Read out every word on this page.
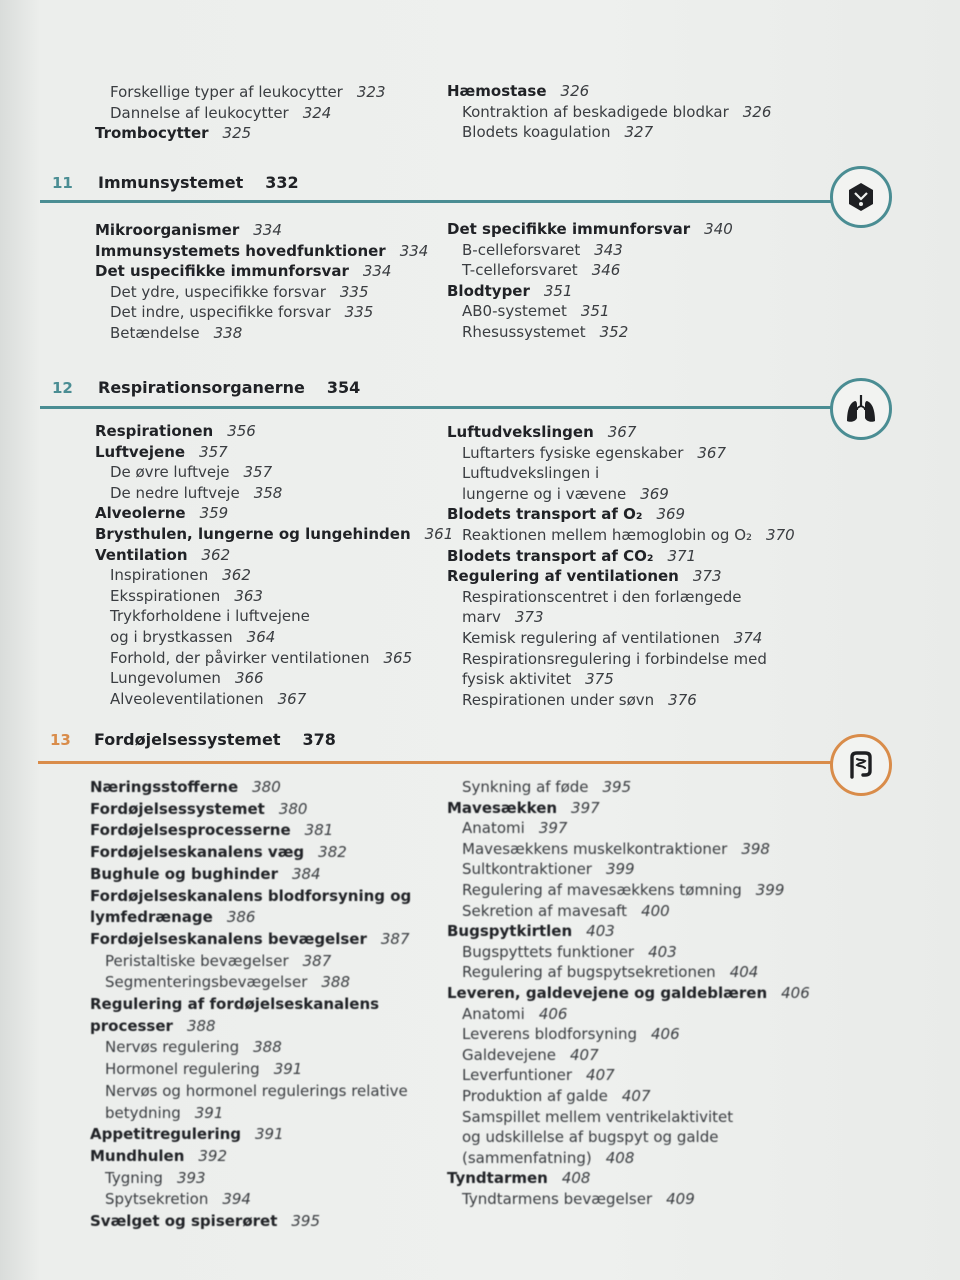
Forskellige typer af leukocytter 323
Dannelse af leukocytter 324
Trombocytter 325
Hæmostase 326
Kontraktion af beskadigede blodkar 326
Blodets koagulation 327
11 Immunsystemet 332
Mikroorganismer 334
Immunsystemets hovedfunktioner 334
Det uspecifikke immunforsvar 334
Det ydre, uspecifikke forsvar 335
Det indre, uspecifikke forsvar 335
Betændelse 338
Det specifikke immunforsvar 340
B-celleforsvaret 343
T-celleforsvaret 346
Blodtyper 351
AB0-systemet 351
Rhesussystemet 352
12 Respirationsorganerne 354
Respirationen 356
Luftvejene 357
De øvre luftveje 357
De nedre luftveje 358
Alveolerne 359
Brysthulen, lungerne og lungehinden 361
Ventilation 362
Inspirationen 362
Eksspirationen 363
Trykforholdene i luftvejene
og i brystkassen 364
Forhold, der påvirker ventilationen 365
Lungevolumen 366
Alveoleventilationen 367
Luftudvekslingen 367
Luftarters fysiske egenskaber 367
Luftudvekslingen i
lungerne og i vævene 369
Blodets transport af O₂ 369
Reaktionen mellem hæmoglobin og O₂ 370
Blodets transport af CO₂ 371
Regulering af ventilationen 373
Respirationscentret i den forlængede
marv 373
Kemisk regulering af ventilationen 374
Respirationsregulering i forbindelse med
fysisk aktivitet 375
Respirationen under søvn 376
13 Fordøjelsessystemet 378
Næringsstofferne 380
Fordøjelsessystemet 380
Fordøjelsesprocesserne 381
Fordøjelseskanalens væg 382
Bughule og bughinder 384
Fordøjelseskanalens blodforsyning og
lymfedrænage 386
Fordøjelseskanalens bevægelser 387
Peristaltiske bevægelser 387
Segmenteringsbevægelser 388
Regulering af fordøjelseskanalens
processer 388
Nervøs regulering 388
Hormonel regulering 391
Nervøs og hormonel regulerings relative
betydning 391
Appetitregulering 391
Mundhulen 392
Tygning 393
Spytsekretion 394
Svælget og spiserøret 395
Synkning af føde 395
Mavesækken 397
Anatomi 397
Mavesækkens muskelkontraktioner 398
Sultkontraktioner 399
Regulering af mavesækkens tømning 399
Sekretion af mavesaft 400
Bugspytkirtlen 403
Bugspyttets funktioner 403
Regulering af bugspytsekretionen 404
Leveren, galdevejene og galdeblæren 406
Anatomi 406
Leverens blodforsyning 406
Galdevejene 407
Leverfuntioner 407
Produktion af galde 407
Samspillet mellem ventrikelaktivitet
og udskillelse af bugspyt og galde
(sammenfatning) 408
Tyndtarmen 408
Tyndtarmens bevægelser 409
